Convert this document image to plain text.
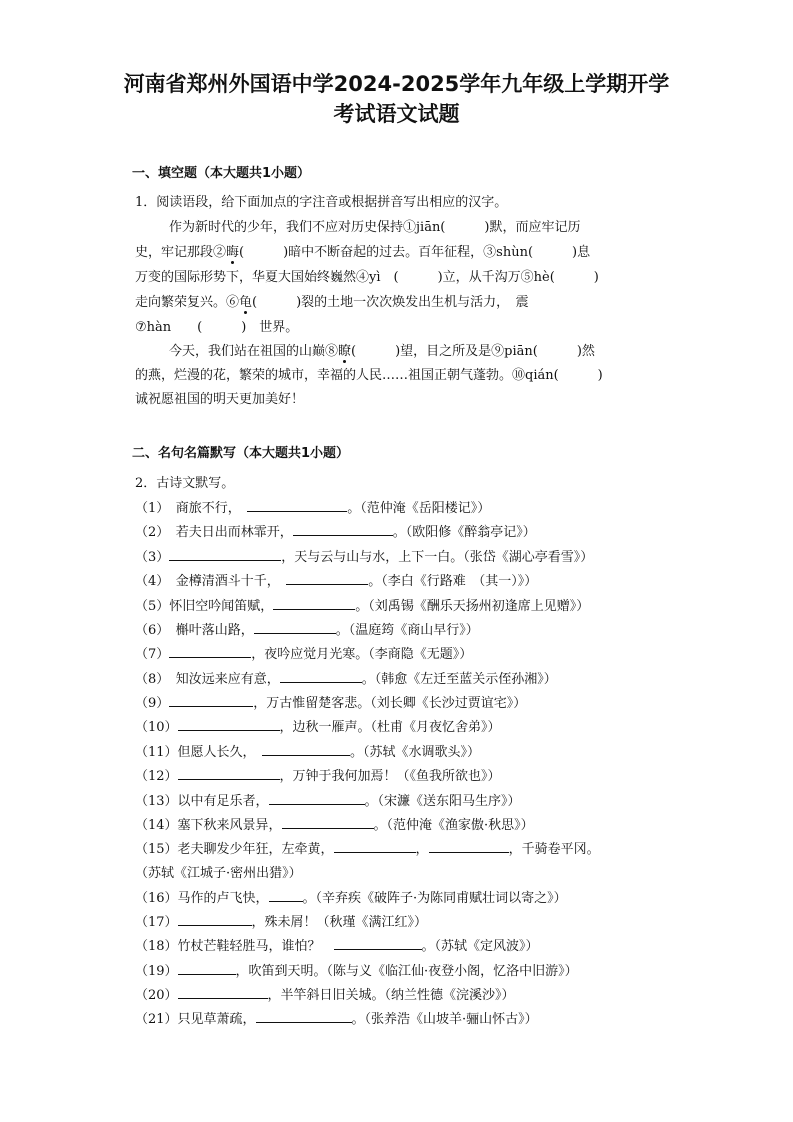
河南省郑州外国语中学2024-2025学年九年级上学期开学
考试语文试题
一、填空题（本大题共1小题）
1．阅读语段，给下面加点的字注音或根据拼音写出相应的汉字。
作为新时代的少年，我们不应对历史保持①jiān(　　　)默，而应牢记历
史，牢记那段②晦(　　　)暗中不断奋起的过去。百年征程，③shùn(　　　)息
万变的国际形势下，华夏大国始终巍然④yì　(　　　)立，从千沟万⑤hè(　　　)
走向繁荣复兴。⑥龟(　　　)裂的土地一次次焕发出生机与活力，　震
⑦hàn　　(　　　)　世界。
今天，我们站在祖国的山巅⑧瞭(　　　)望，目之所及是⑨piān(　　　)然
的燕，烂漫的花，繁荣的城市，幸福的人民……祖国正朝气蓬勃。⑩qián(　　　)
诚祝愿祖国的明天更加美好！
二、名句名篇默写（本大题共1小题）
2．古诗文默写。
（1）　商旅不行，　	。（范仲淹《岳阳楼记》）
（2）　若夫日出而林霏开，	。（欧阳修《醉翁亭记》）
（3）	，天与云与山与水，上下一白。（张岱《湖心亭看雪》）
（4）　金樽清酒斗十千，　	。（李白《行路难　（其一）》）
（5）怀旧空吟闻笛赋，	。（刘禹锡《酬乐天扬州初逢席上见赠》）
（6）　槲叶落山路，	。（温庭筠《商山早行》）
（7）	，夜吟应觉月光寒。（李商隐《无题》）
（8）　知汝远来应有意，	。（韩愈《左迁至蓝关示侄孙湘》）
（9）	，万古惟留楚客悲。（刘长卿《长沙过贾谊宅》）
（10）	，边秋一雁声。（杜甫《月夜忆舍弟》）
（11）但愿人长久，　	。（苏轼《水调歌头》）
（12）	，万钟于我何加焉！（《鱼我所欲也》）
（13）以中有足乐者，	。（宋濂《送东阳马生序》）
（14）塞下秋来风景异，	。（范仲淹《渔家傲·秋思》）
（15）老夫聊发少年狂，左牵黄，	，	，千骑卷平冈。
（苏轼《江城子·密州出猎》）
（16）马作的卢飞快，	。（辛弃疾《破阵子·为陈同甫赋壮词以寄之》）
（17）	，殊未屑！（秋瑾《满江红》）
（18）竹杖芒鞋轻胜马，谁怕？　	。（苏轼《定风波》）
（19）	，吹笛到天明。（陈与义《临江仙·夜登小阁，忆洛中旧游》）
（20）	，半竿斜日旧关城。（纳兰性德《浣溪沙》）
（21）只见草萧疏，	。（张养浩《山坡羊·骊山怀古》）
